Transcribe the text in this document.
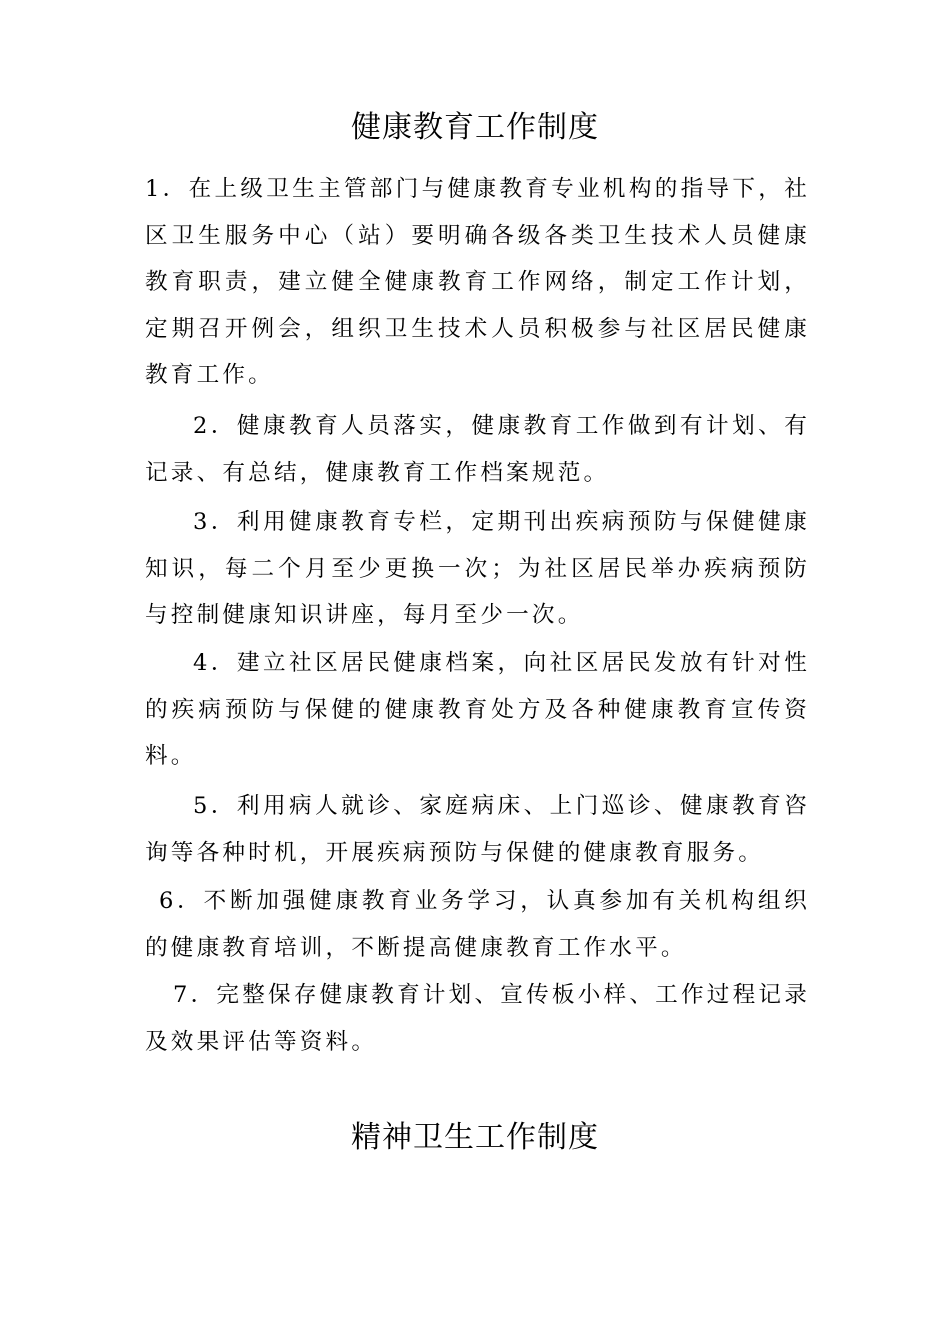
健康教育工作制度

1．在上级卫生主管部门与健康教育专业机构的指导下，社区卫生服务中心（站）要明确各级各类卫生技术人员健康教育职责，建立健全健康教育工作网络，制定工作计划，定期召开例会，组织卫生技术人员积极参与社区居民健康教育工作。

2．健康教育人员落实，健康教育工作做到有计划、有记录、有总结，健康教育工作档案规范。

3．利用健康教育专栏，定期刊出疾病预防与保健健康知识，每二个月至少更换一次；为社区居民举办疾病预防与控制健康知识讲座，每月至少一次。

4．建立社区居民健康档案，向社区居民发放有针对性的疾病预防与保健的健康教育处方及各种健康教育宣传资料。

5．利用病人就诊、家庭病床、上门巡诊、健康教育咨询等各种时机，开展疾病预防与保健的健康教育服务。

6．不断加强健康教育业务学习，认真参加有关机构组织的健康教育培训，不断提高健康教育工作水平。

7．完整保存健康教育计划、宣传板小样、工作过程记录及效果评估等资料。

精神卫生工作制度
